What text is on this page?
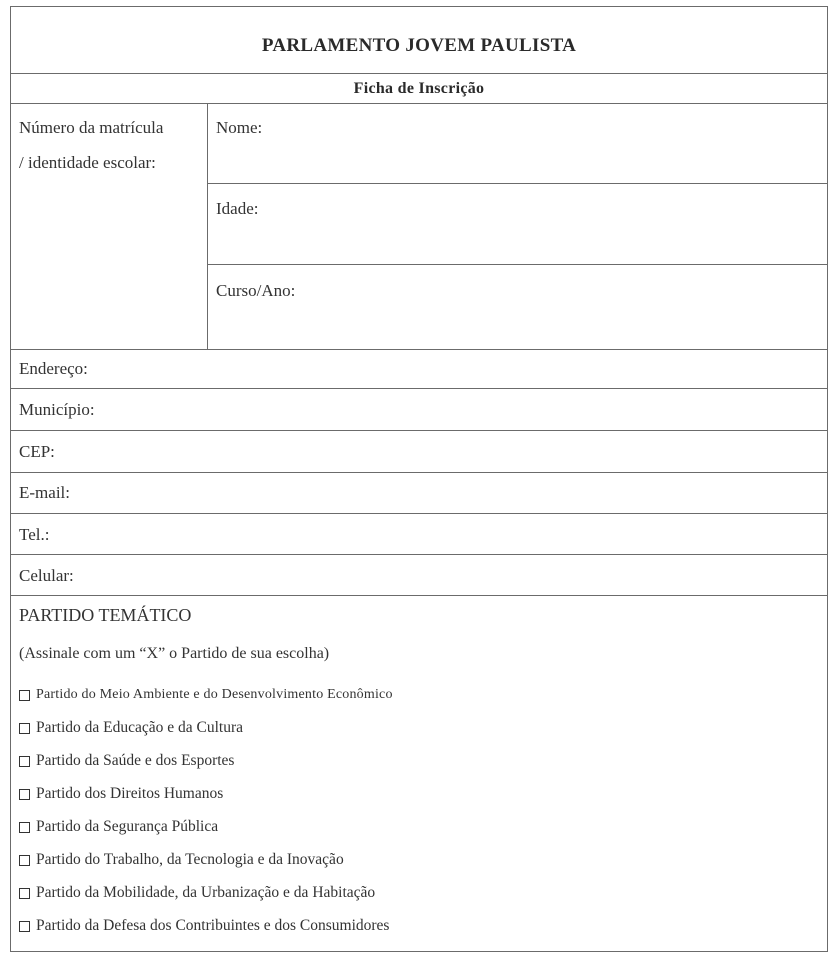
PARLAMENTO JOVEM PAULISTA
Ficha de Inscrição
Número da matrícula
/ identidade escolar:
Nome:
Idade:
Curso/Ano:
Endereço:
Município:
CEP:
E-mail:
Tel.:
Celular:
PARTIDO TEMÁTICO
(Assinale com um “X” o Partido de sua escolha)
Partido do Meio Ambiente e do Desenvolvimento Econômico
Partido da Educação e da Cultura
Partido da Saúde e dos Esportes
Partido dos Direitos Humanos
Partido da Segurança Pública
Partido do Trabalho, da Tecnologia e da Inovação
Partido da Mobilidade, da Urbanização e da Habitação
Partido da Defesa dos Contribuintes e dos Consumidores
